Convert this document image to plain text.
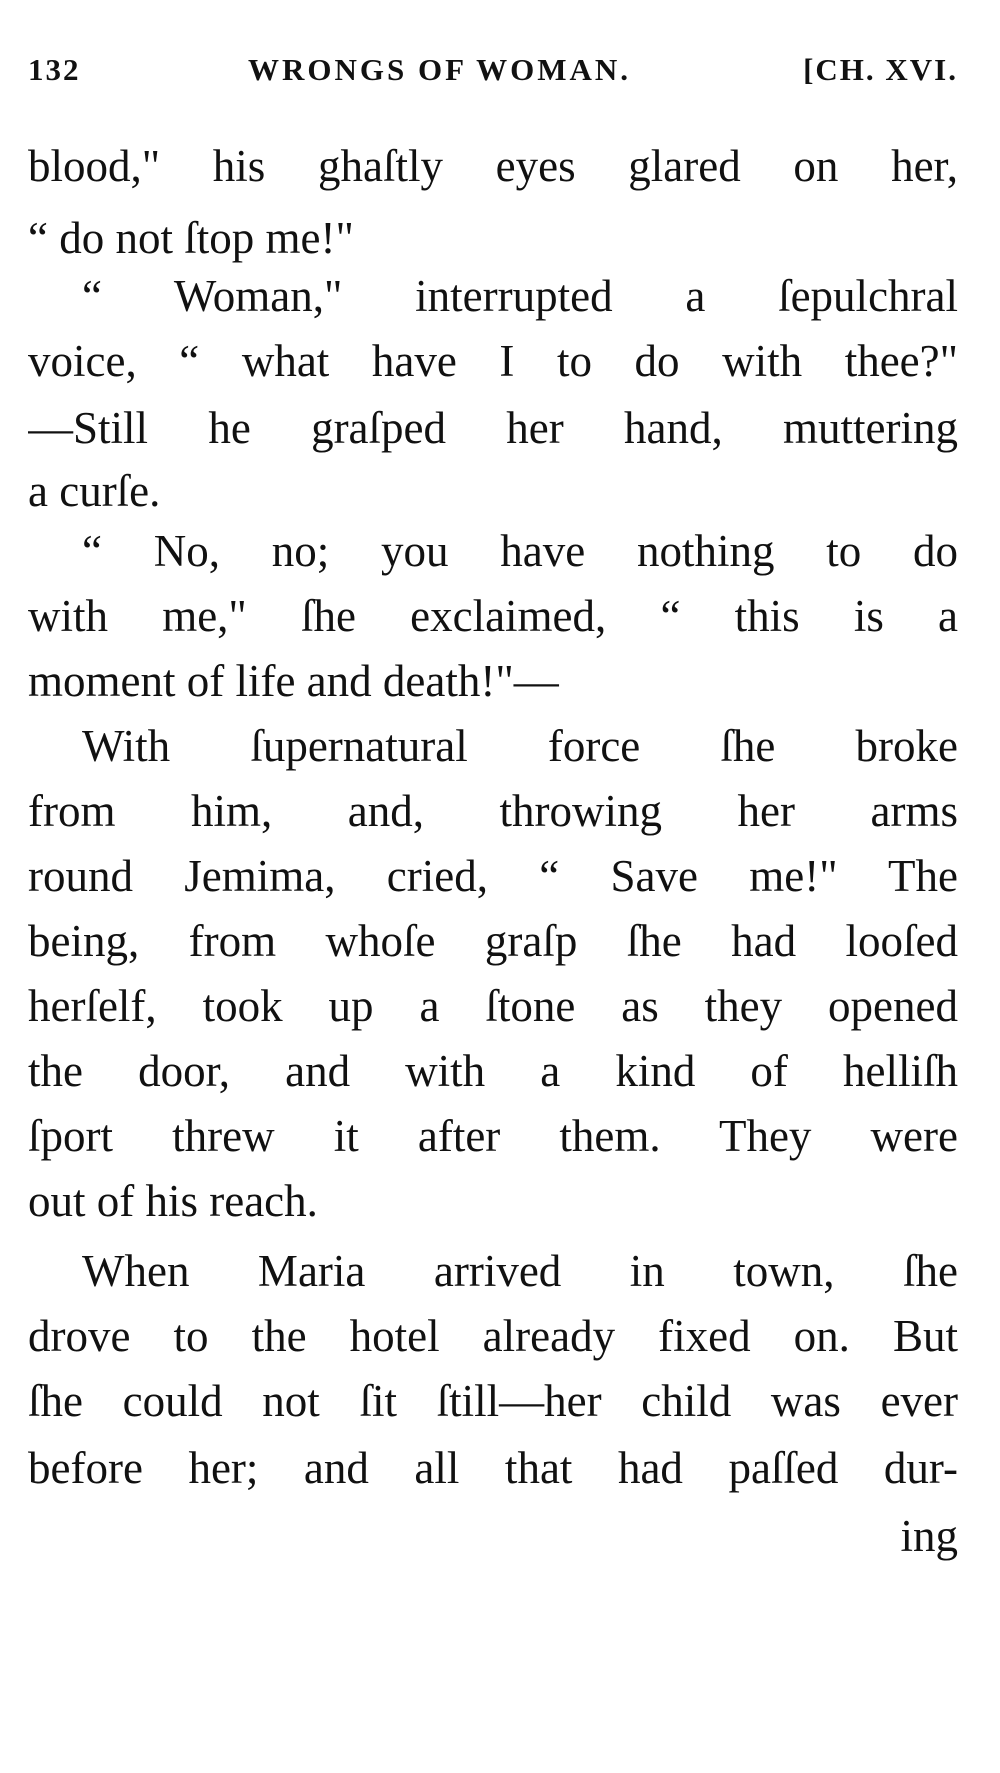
132	WRONGS OF WOMAN.	[CH. XVI.
blood," his ghaſtly eyes glared on her,
“ do not ſtop me!"
“ Woman," interrupted a ſepulchral
voice, “ what have I to do with thee?"
—Still he graſped her hand, muttering
a curſe.
“ No, no; you have nothing to do
with me," ſhe exclaimed, “ this is a
moment of life and death!"—
With ſupernatural force ſhe broke
from him, and, throwing her arms
round Jemima, cried, “ Save me!" The
being, from whoſe graſp ſhe had looſed
herſelf, took up a ſtone as they opened
the door, and with a kind of helliſh
ſport threw it after them. They were
out of his reach.
When Maria arrived in town, ſhe
drove to the hotel already fixed on. But
ſhe could not ſit ſtill—her child was ever
before her; and all that had paſſed dur-
ing
